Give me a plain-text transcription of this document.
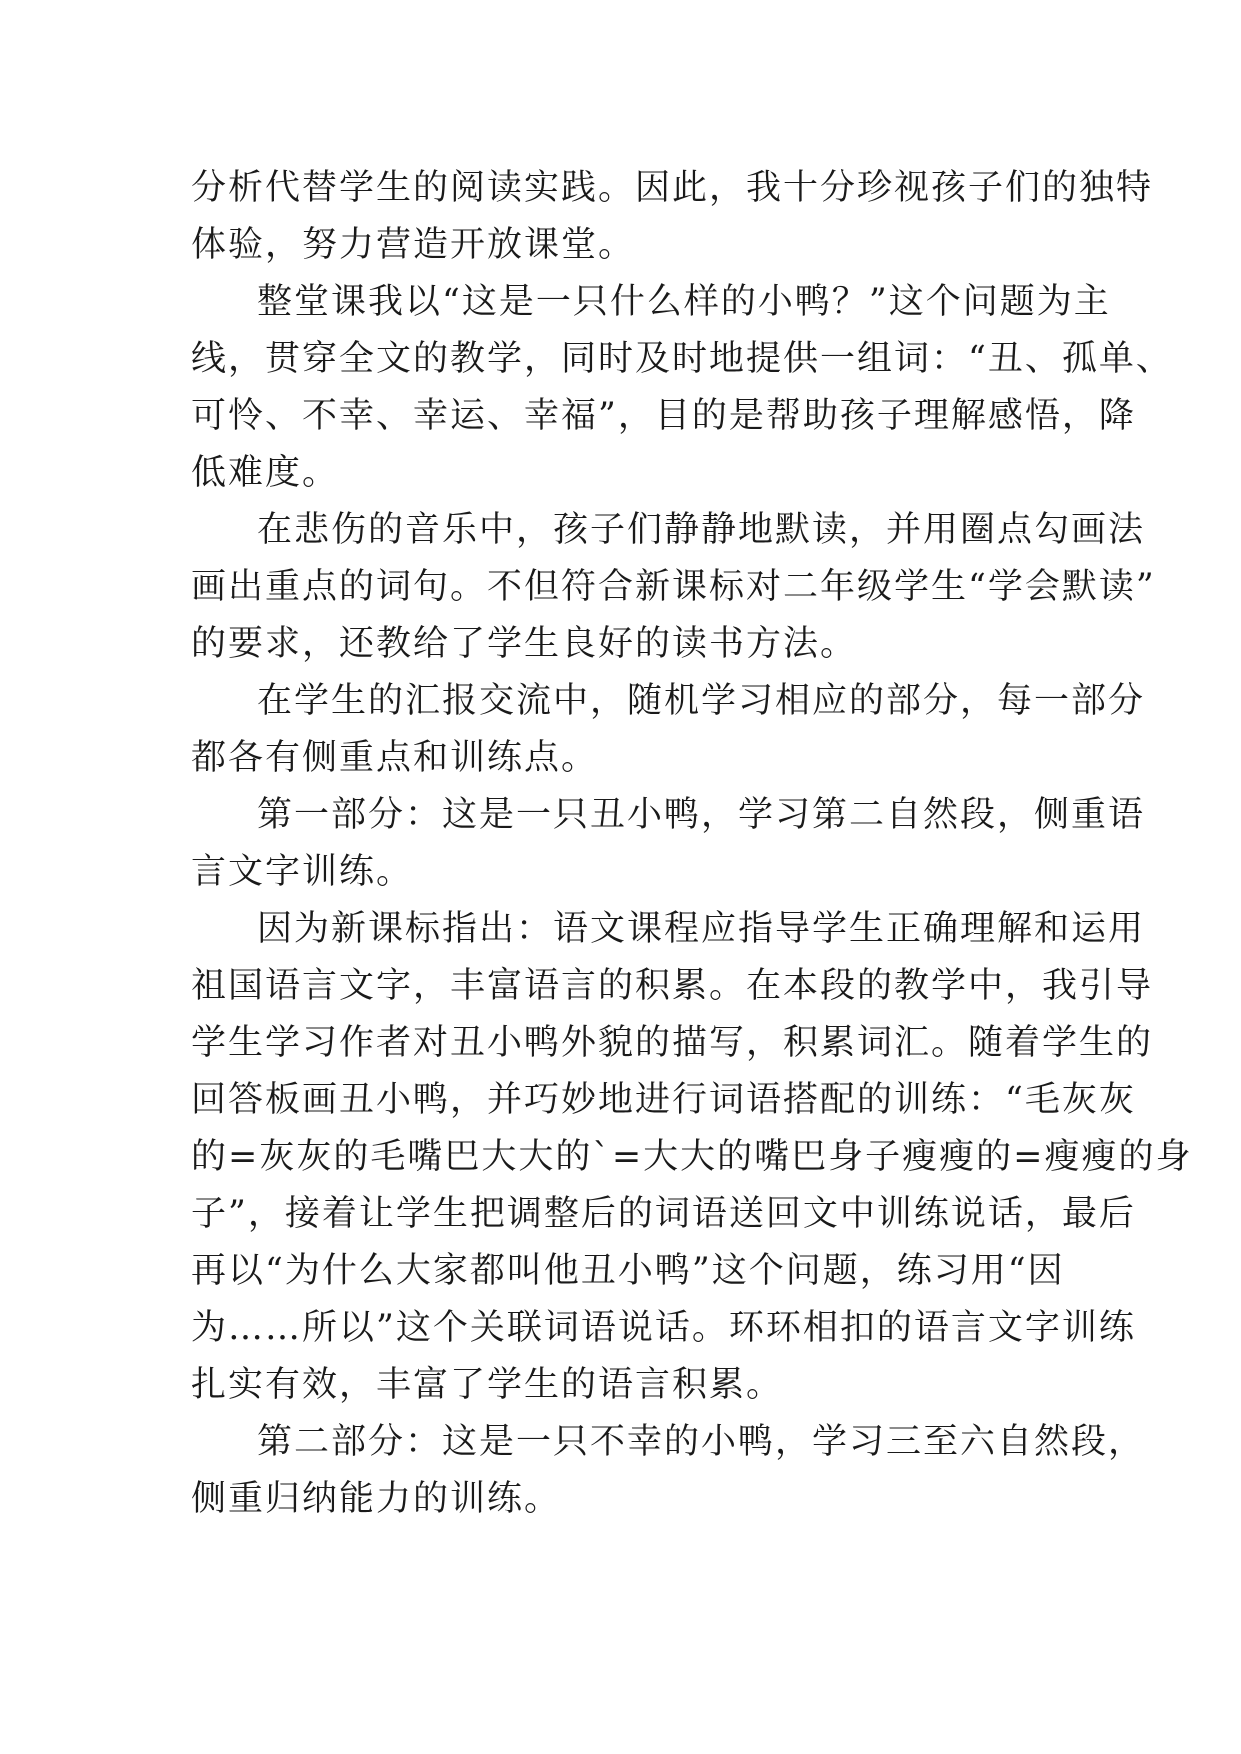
分析代替学生的阅读实践。因此，我十分珍视孩子们的独特
体验，努力营造开放课堂。

整堂课我以“这是一只什么样的小鸭？”这个问题为主
线，贯穿全文的教学，同时及时地提供一组词：“丑、孤单、
可怜、不幸、幸运、幸福”，目的是帮助孩子理解感悟，降
低难度。

在悲伤的音乐中，孩子们静静地默读，并用圈点勾画法
画出重点的词句。不但符合新课标对二年级学生“学会默读”
的要求，还教给了学生良好的读书方法。

在学生的汇报交流中，随机学习相应的部分，每一部分
都各有侧重点和训练点。

第一部分：这是一只丑小鸭，学习第二自然段，侧重语
言文字训练。

因为新课标指出：语文课程应指导学生正确理解和运用
祖国语言文字，丰富语言的积累。在本段的教学中，我引导
学生学习作者对丑小鸭外貌的描写，积累词汇。随着学生的
回答板画丑小鸭，并巧妙地进行词语搭配的训练：“毛灰灰
的=灰灰的毛嘴巴大大的`=大大的嘴巴身子瘦瘦的=瘦瘦的身
子”，接着让学生把调整后的词语送回文中训练说话，最后
再以“为什么大家都叫他丑小鸭”这个问题，练习用“因
为……所以”这个关联词语说话。环环相扣的语言文字训练
扎实有效，丰富了学生的语言积累。

第二部分：这是一只不幸的小鸭，学习三至六自然段，
侧重归纳能力的训练。
